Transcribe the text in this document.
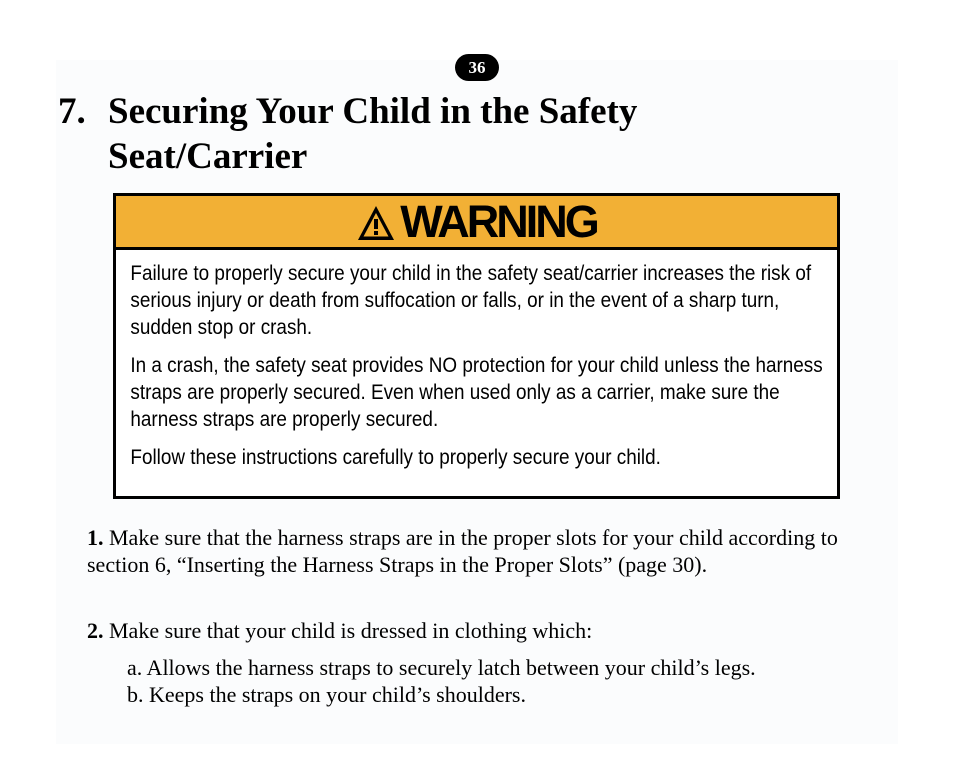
36
7. Securing Your Child in the Safety Seat/Carrier
WARNING

Failure to properly secure your child in the safety seat/carrier increases the risk of serious injury or death from suffocation or falls, or in the event of a sharp turn, sudden stop or crash.

In a crash, the safety seat provides NO protection for your child unless the harness straps are properly secured. Even when used only as a carrier, make sure the harness straps are properly secured.

Follow these instructions carefully to properly secure your child.

1. Make sure that the harness straps are in the proper slots for your child according to section 6, “Inserting the Harness Straps in the Proper Slots” (page 30).
2. Make sure that your child is dressed in clothing which:
a. Allows the harness straps to securely latch between your child’s legs.
b. Keeps the straps on your child’s shoulders.
